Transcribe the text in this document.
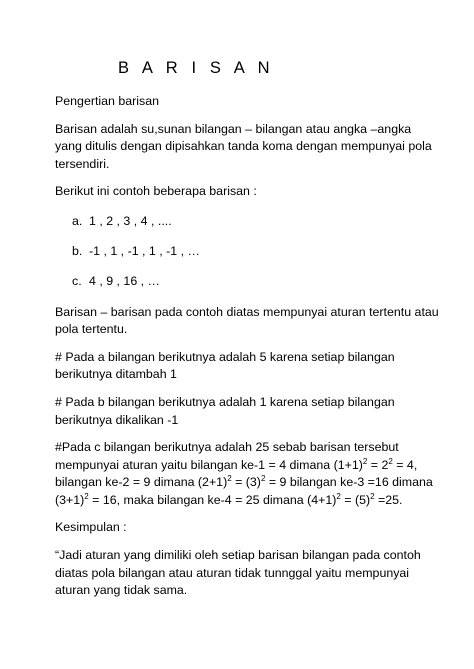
B A R I S A N

Pengertian barisan

Barisan adalah su,sunan bilangan – bilangan atau angka –angka yang ditulis dengan dipisahkan tanda koma dengan mempunyai pola tersendiri.

Berikut ini contoh beberapa barisan :

a. 1 , 2 , 3 , 4 , ....
b. -1 , 1 , -1 , 1 , -1 , …
c. 4 , 9 , 16 , …

Barisan – barisan pada contoh diatas mempunyai aturan tertentu atau pola tertentu.

# Pada a bilangan berikutnya adalah 5 karena setiap bilangan berikutnya ditambah 1

# Pada b bilangan berikutnya adalah 1 karena setiap bilangan berikutnya dikalikan -1

#Pada c bilangan berikutnya adalah 25 sebab barisan tersebut mempunyai aturan yaitu bilangan ke-1 = 4 dimana $(1+1)^2 = 2^2 = 4$, bilangan ke-2 = 9 dimana $(2+1)^2 = (3)^2 = 9$ bilangan ke-3 =16 dimana $(3+1)^2 = 16$, maka bilangan ke-4 = 25 dimana $(4+1)^2 = (5)^2 =25$.

Kesimpulan :

“Jadi aturan yang dimiliki oleh setiap barisan bilangan pada contoh diatas pola bilangan atau aturan tidak tunnggal yaitu mempunyai aturan yang tidak sama.
